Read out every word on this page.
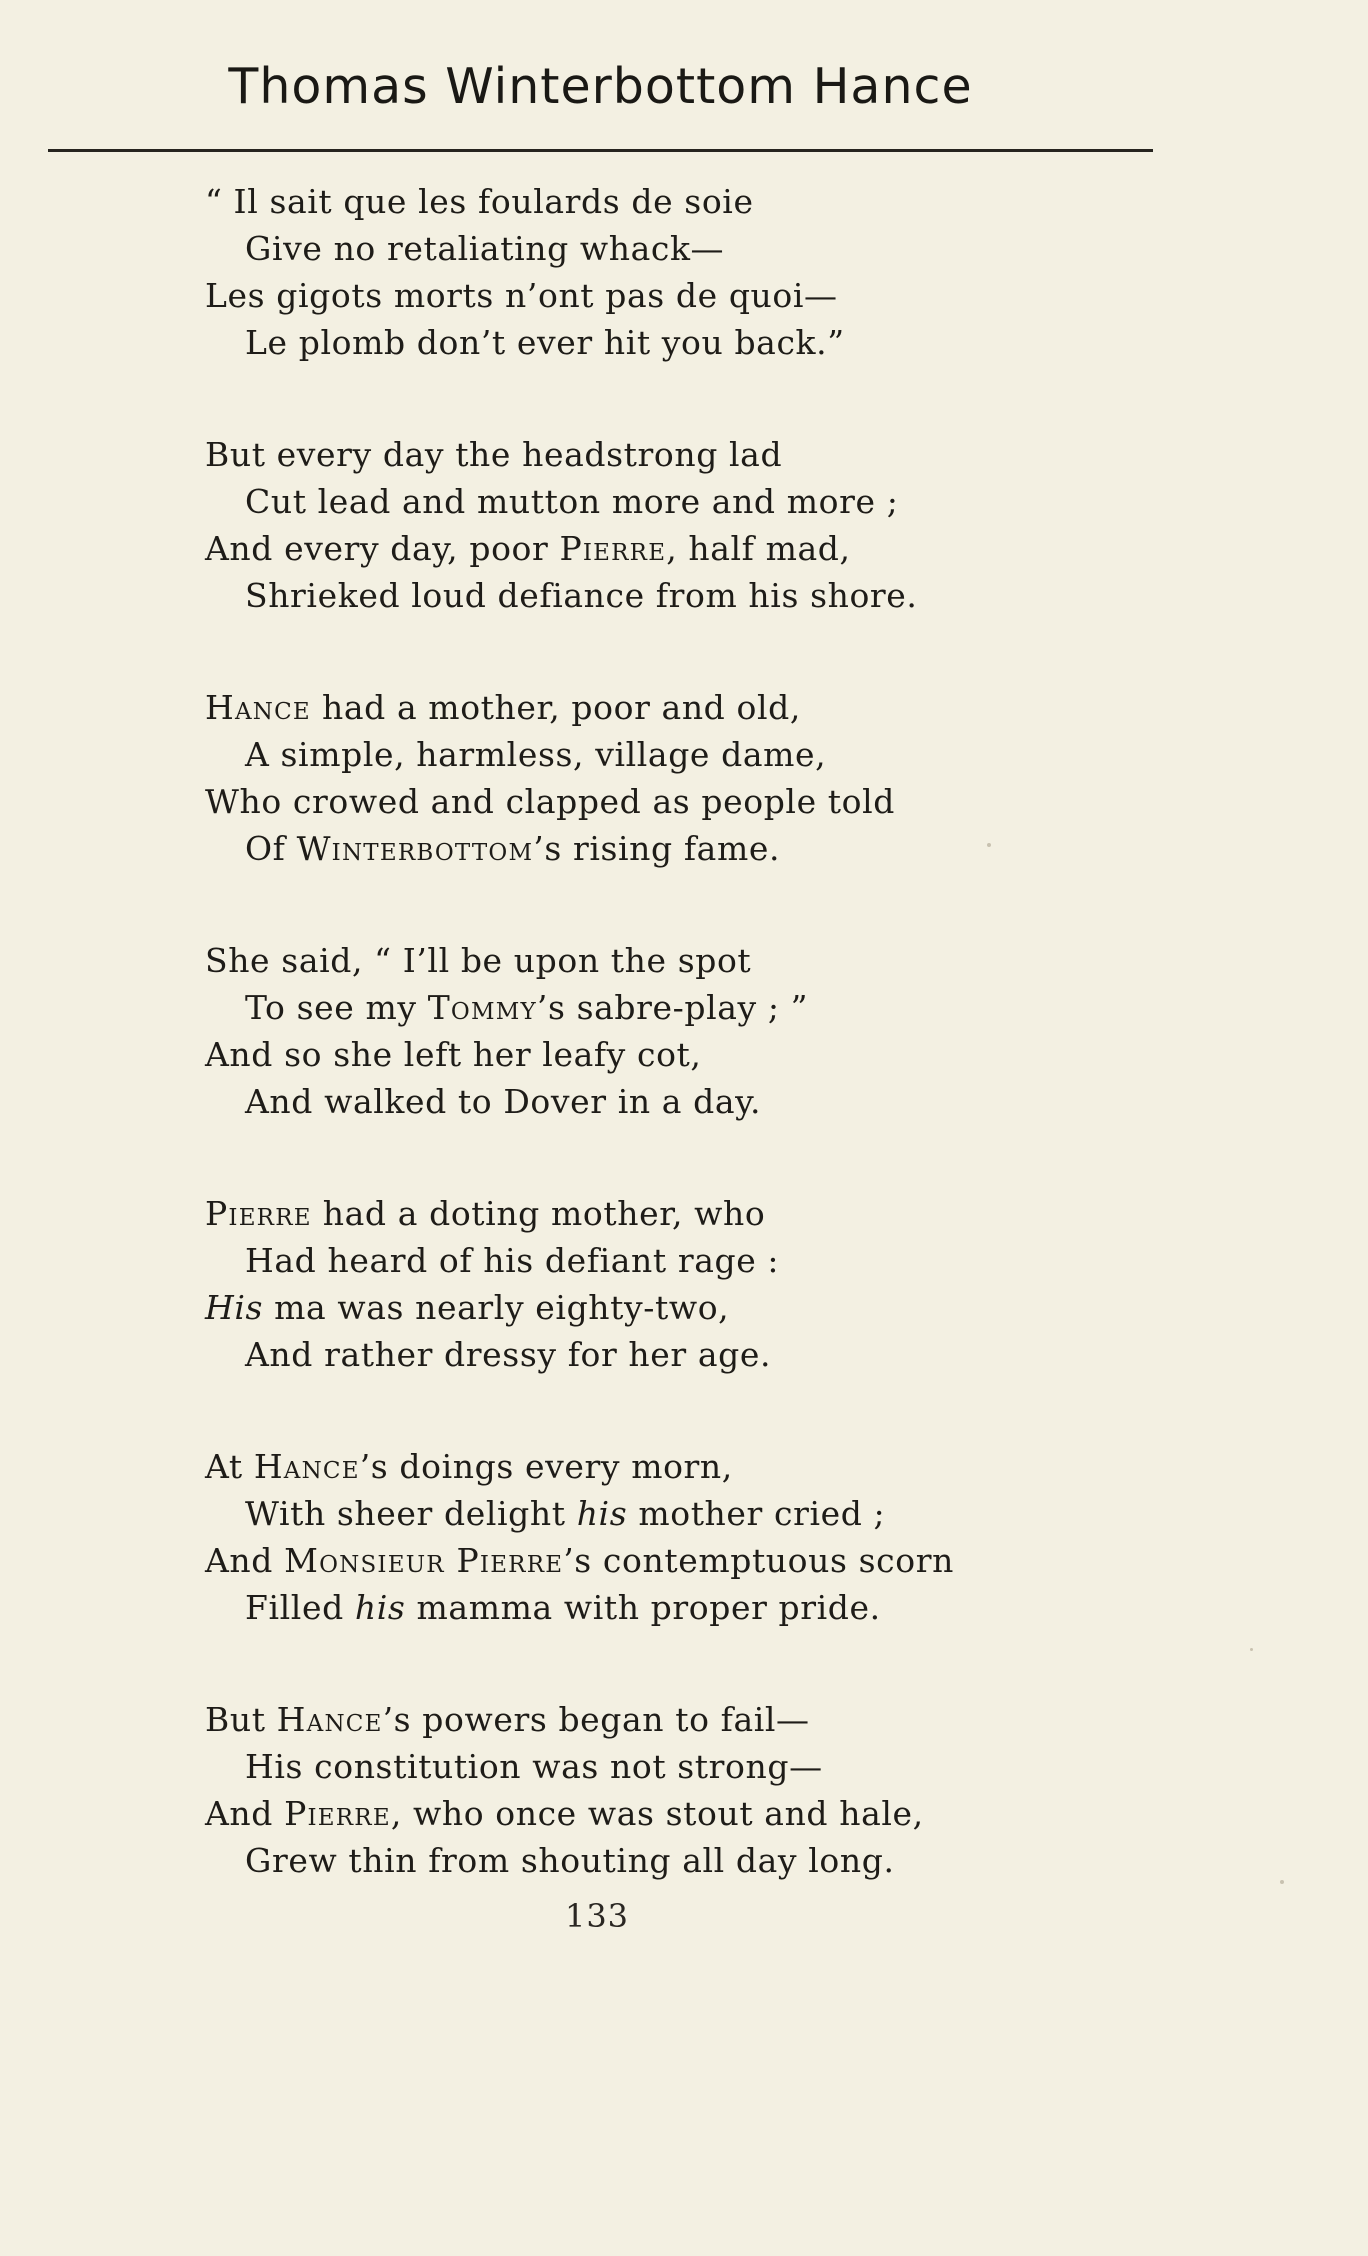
Thomas Winterbottom Hance
“ Il sait que les foulards de soie
Give no retaliating whack—
Les gigots morts n’ont pas de quoi—
Le plomb don’t ever hit you back.”
But every day the headstrong lad
Cut lead and mutton more and more ;
And every day, poor Pierre, half mad,
Shrieked loud defiance from his shore.
Hance had a mother, poor and old,
A simple, harmless, village dame,
Who crowed and clapped as people told
Of Winterbottom’s rising fame.
She said, “ I’ll be upon the spot
To see my Tommy’s sabre-play ; ”
And so she left her leafy cot,
And walked to Dover in a day.
Pierre had a doting mother, who
Had heard of his defiant rage :
His ma was nearly eighty-two,
And rather dressy for her age.
At Hance’s doings every morn,
With sheer delight his mother cried ;
And Monsieur Pierre’s contemptuous scorn
Filled his mamma with proper pride.
But Hance’s powers began to fail—
His constitution was not strong—
And Pierre, who once was stout and hale,
Grew thin from shouting all day long.
133
